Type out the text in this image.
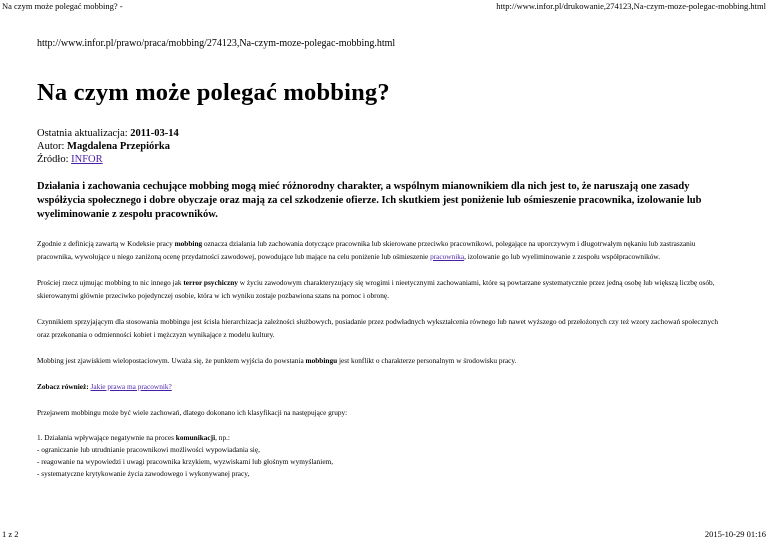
Na czym może polegać mobbing? -	http://www.infor.pl/drukowanie,274123,Na-czym-moze-polegac-mobbing.html

http://www.infor.pl/prawo/praca/mobbing/274123,Na-czym-moze-polegac-mobbing.html

Na czym może polegać mobbing?
Ostatnia aktualizacja: 2011-03-14
Autor: Magdalena Przepiórka
Źródło: INFOR

Działania i zachowania cechujące mobbing mogą mieć różnorodny charakter, a wspólnym mianownikiem dla nich jest to, że naruszają one zasady współżycia społecznego i dobre obyczaje oraz mają za cel szkodzenie ofierze. Ich skutkiem jest poniżenie lub ośmieszenie pracownika, izolowanie lub wyeliminowanie z zespołu pracowników.

Zgodnie z definicją zawartą w Kodeksie pracy mobbing oznacza działania lub zachowania dotyczące pracownika lub skierowane przeciwko pracownikowi, polegające na uporczywym i długotrwałym nękaniu lub zastraszaniu pracownika, wywołujące u niego zaniżoną ocenę przydatności zawodowej, powodujące lub mające na celu poniżenie lub ośmieszenie pracownika, izolowanie go lub wyeliminowanie z zespołu współpracowników.

Prościej rzecz ujmując mobbing to nic innego jak terror psychiczny w życiu zawodowym charakteryzujący się wrogimi i nieetycznymi zachowaniami, które są powtarzane systematycznie przez jedną osobę lub większą liczbę osób, skierowanymi głównie przeciwko pojedynczej osobie, która w ich wyniku zostaje pozbawiona szans na pomoc i obronę.

Czynnikiem sprzyjającym dla stosowania mobbingu jest ścisła hierarchizacja zależności służbowych, posiadanie przez podwładnych wykształcenia równego lub nawet wyższego od przełożonych czy też wzory zachowań społecznych oraz przekonania o odmienności kobiet i mężczyzn wynikające z modelu kultury.

Mobbing jest zjawiskiem wielopostaciowym. Uważa się, że punktem wyjścia do powstania mobbingu jest konflikt o charakterze personalnym w środowisku pracy.

Zobacz również: Jakie prawa ma pracownik?

Przejawem mobbingu może być wiele zachowań, dlatego dokonano ich klasyfikacji na następujące grupy:

1. Działania wpływające negatywnie na proces komunikacji, np.:

- ograniczanie lub utrudnianie pracownikowi możliwości wypowiadania się,

- reagowanie na wypowiedzi i uwagi pracownika krzykiem, wyzwiskami lub głośnym wymyślaniem,

- systematyczne krytykowanie życia zawodowego i wykonywanej pracy,

1 z 2	2015-10-29 01:16
